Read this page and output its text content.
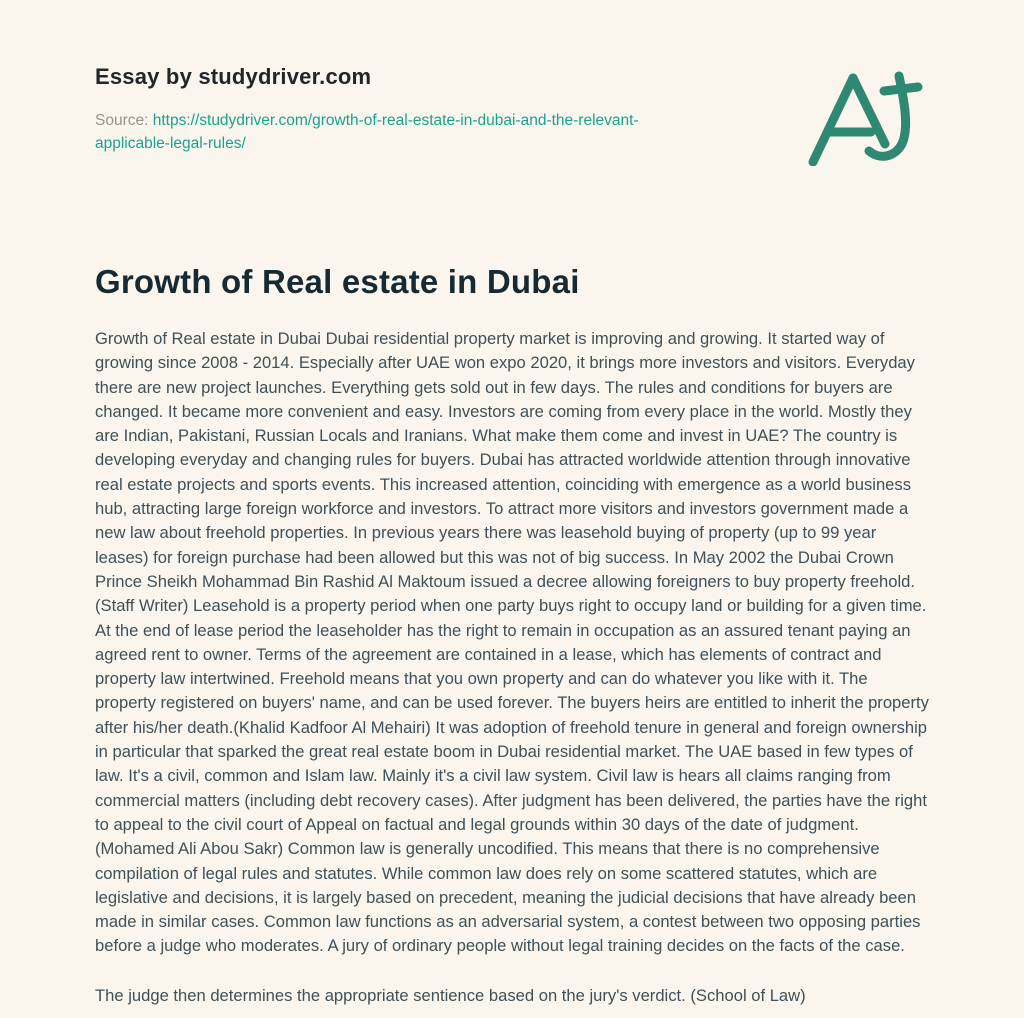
Essay by studydriver.com
Source: https://studydriver.com/growth-of-real-estate-in-dubai-and-the-relevant-applicable-legal-rules/
Growth of Real estate in Dubai

Growth of Real estate in Dubai Dubai residential property market is improving and growing. It started way of growing since 2008 - 2014. Especially after UAE won expo 2020, it brings more investors and visitors. Everyday there are new project launches. Everything gets sold out in few days. The rules and conditions for buyers are changed. It became more convenient and easy. Investors are coming from every place in the world. Mostly they are Indian, Pakistani, Russian Locals and Iranians. What make them come and invest in UAE? The country is developing everyday and changing rules for buyers. Dubai has attracted worldwide attention through innovative real estate projects and sports events. This increased attention, coinciding with emergence as a world business hub, attracting large foreign workforce and investors. To attract more visitors and investors government made a new law about freehold properties. In previous years there was leasehold buying of property (up to 99 year leases) for foreign purchase had been allowed but this was not of big success. In May 2002 the Dubai Crown Prince Sheikh Mohammad Bin Rashid Al Maktoum issued a decree allowing foreigners to buy property freehold. (Staff Writer) Leasehold is a property period when one party buys right to occupy land or building for a given time. At the end of lease period the leaseholder has the right to remain in occupation as an assured tenant paying an agreed rent to owner. Terms of the agreement are contained in a lease, which has elements of contract and property law intertwined. Freehold means that you own property and can do whatever you like with it. The property registered on buyers' name, and can be used forever. The buyers heirs are entitled to inherit the property after his/her death.(Khalid Kadfoor Al Mehairi) It was adoption of freehold tenure in general and foreign ownership in particular that sparked the great real estate boom in Dubai residential market. The UAE based in few types of law. It's a civil, common and Islam law. Mainly it's a civil law system. Civil law is hears all claims ranging from commercial matters (including debt recovery cases). After judgment has been delivered, the parties have the right to appeal to the civil court of Appeal on factual and legal grounds within 30 days of the date of judgment. (Mohamed Ali Abou Sakr) Common law is generally uncodified. This means that there is no comprehensive compilation of legal rules and statutes. While common law does rely on some scattered statutes, which are legislative and decisions, it is largely based on precedent, meaning the judicial decisions that have already been made in similar cases. Common law functions as an adversarial system, a contest between two opposing parties before a judge who moderates. A jury of ordinary people without legal training decides on the facts of the case.

The judge then determines the appropriate sentience based on the jury's verdict. (School of Law)
